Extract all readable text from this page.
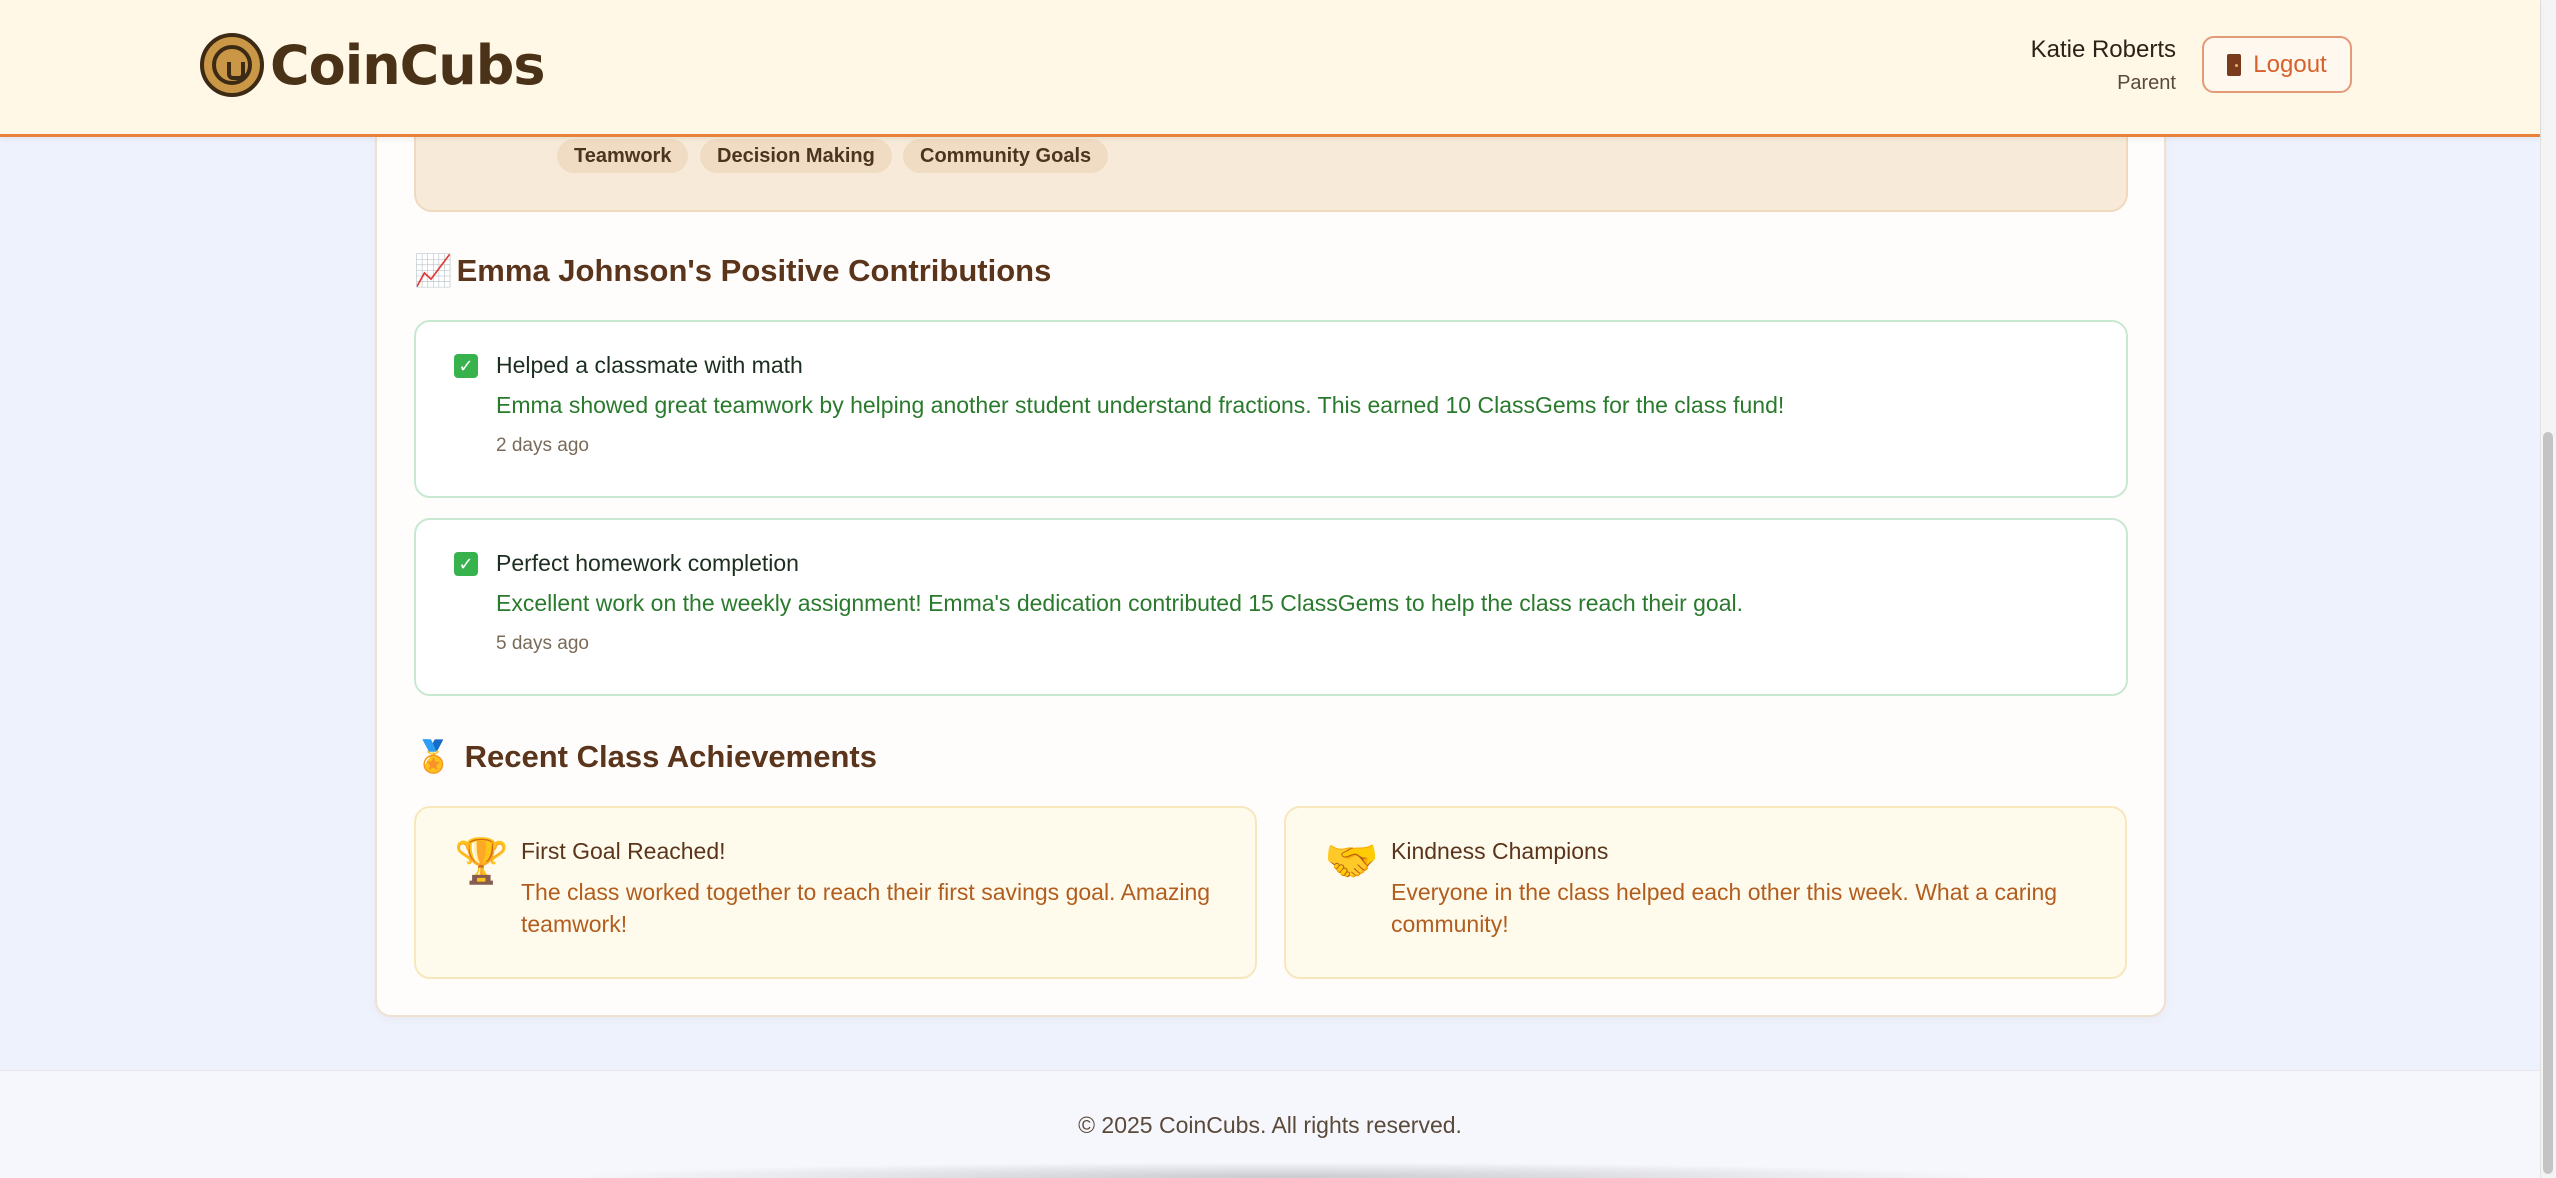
CoinCubs	Katie Roberts
Parent
Logout
Teamwork	Decision Making	Community Goals
📈 Emma Johnson's Positive Contributions
✓ Helped a classmate with math
Emma showed great teamwork by helping another student understand fractions. This earned 10 ClassGems for the class fund!
2 days ago
✓ Perfect homework completion
Excellent work on the weekly assignment! Emma's dedication contributed 15 ClassGems to help the class reach their goal.
5 days ago
🏅 Recent Class Achievements
🏆 First Goal Reached!
The class worked together to reach their first savings goal. Amazing teamwork!
🤝 Kindness Champions
Everyone in the class helped each other this week. What a caring community!
© 2025 CoinCubs. All rights reserved.
